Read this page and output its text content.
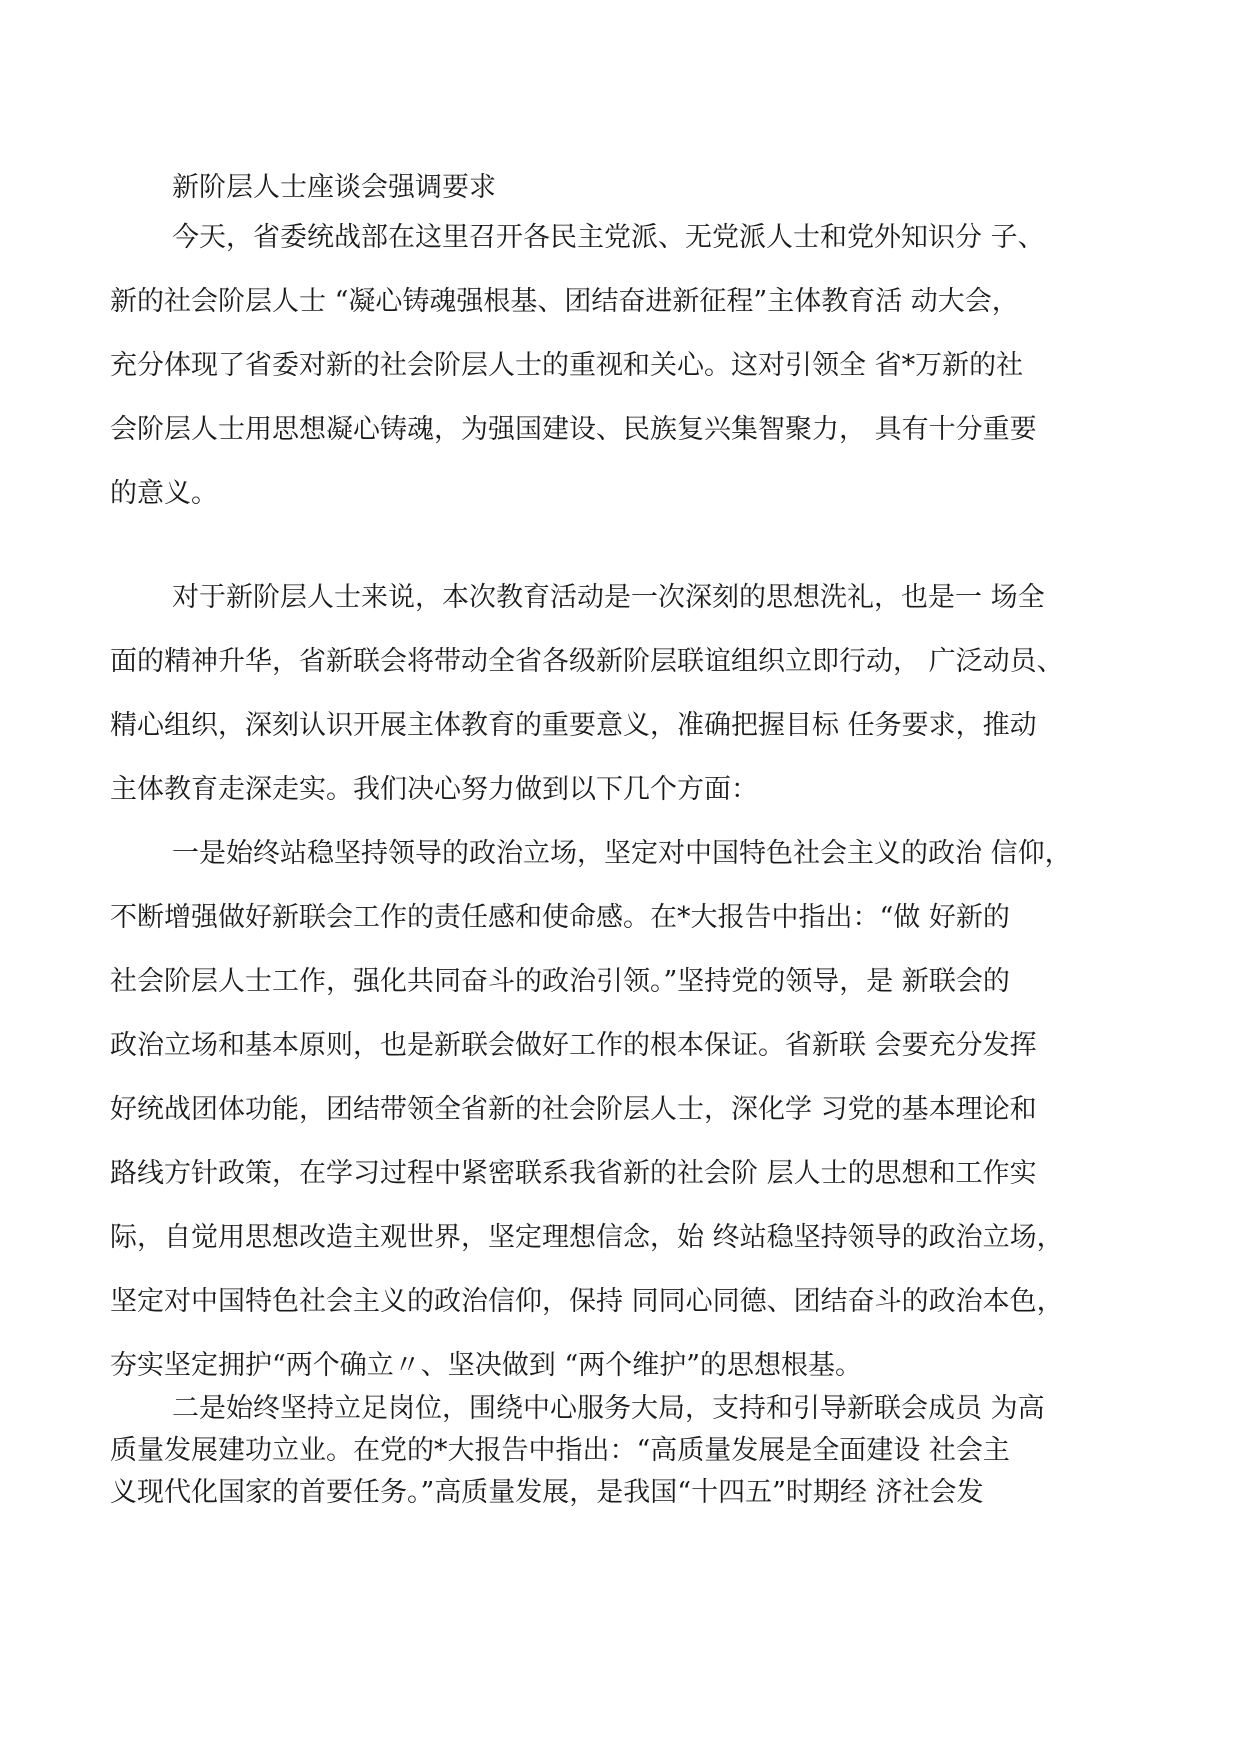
新阶层人士座谈会强调要求
今天，省委统战部在这里召开各民主党派、无党派人士和党外知识分 子、
新的社会阶层人士 “凝心铸魂强根基、团结奋进新征程”主体教育活 动大会，
充分体现了省委对新的社会阶层人士的重视和关心。这对引领全 省*万新的社
会阶层人士用思想凝心铸魂，为强国建设、民族复兴集智聚力， 具有十分重要
的意义。
对于新阶层人士来说，本次教育活动是一次深刻的思想洗礼，也是一 场全
面的精神升华，省新联会将带动全省各级新阶层联谊组织立即行动， 广泛动员、
精心组织，深刻认识开展主体教育的重要意义，准确把握目标 任务要求，推动
主体教育走深走实。我们决心努力做到以下几个方面：
一是始终站稳坚持领导的政治立场，坚定对中国特色社会主义的政治 信仰，
不断增强做好新联会工作的责任感和使命感。在*大报告中指出：“做 好新的
社会阶层人士工作，强化共同奋斗的政治引领。”坚持党的领导，是 新联会的
政治立场和基本原则，也是新联会做好工作的根本保证。省新联 会要充分发挥
好统战团体功能，团结带领全省新的社会阶层人士，深化学 习党的基本理论和
路线方针政策，在学习过程中紧密联系我省新的社会阶 层人士的思想和工作实
际，自觉用思想改造主观世界，坚定理想信念，始 终站稳坚持领导的政治立场，
坚定对中国特色社会主义的政治信仰，保持 同同心同德、团结奋斗的政治本色，
夯实坚定拥护“两个确立〃、坚决做到 “两个维护”的思想根基。
二是始终坚持立足岗位，围绕中心服务大局，支持和引导新联会成员 为高
质量发展建功立业。在党的*大报告中指出：“高质量发展是全面建设 社会主
义现代化国家的首要任务。”高质量发展，是我国“十四五”时期经 济社会发
